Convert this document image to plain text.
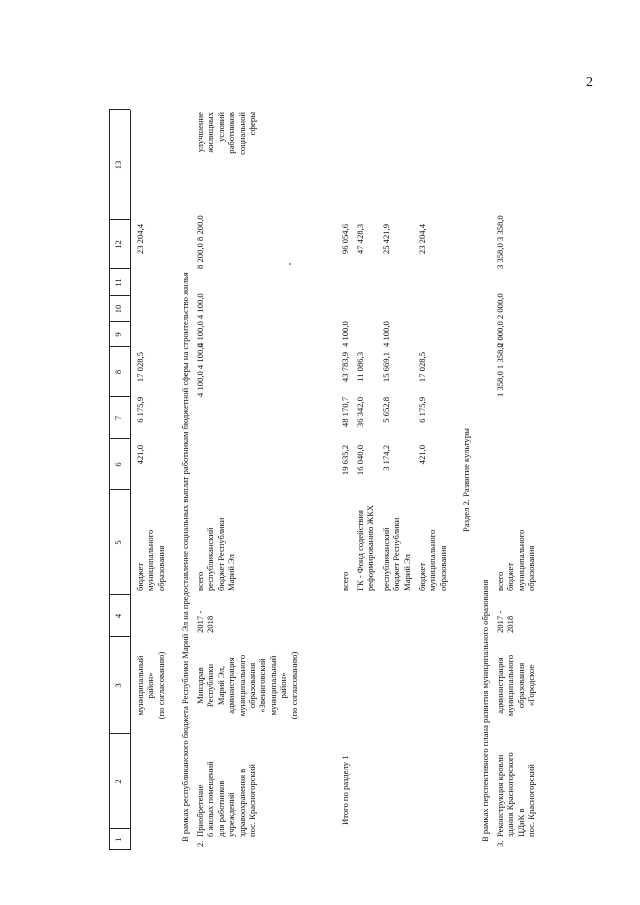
2
1
2
3
4
5
6
7
8
9
10
11
12
13
муниципальный
район»
(по согласованию)
бюджет
муниципального
образования
421,0
6 175,9
17 028,5
23 204,4
В рамках республиканского бюджета Республики Марий Эл на предоставление социальных выплат работникам бюджетной сферы на строительство жилья
2.
Приобретение
6 жилых помещений
для работников
учреждений
здравоохранения в
пос. Красногорский
Минздрав
Республики
Марий Эл,
администрация
муниципального
образования
«Звениговский
муниципальный
район»
(по согласованию)
2017 -
2018
всего
республиканский
бюджет Республики
Марий Эл
4 100,0 4 100,0
4 100,0 4 100,0
8 200,0 8 200,0
улучшение
жилищных
условий
работников
социальной
сферы
Итого по разделу 1
всего ГК - Фонд содействия
реформированию ЖКХ
республиканский
бюджет Республики
Марий Эл
бюджет
муниципального
образования
19 635,2
48 170,7
43 783,9
4 100,0
96 054,6
16 040,0
36 342,0
11 086,3
47 428,3
3 174,2
5 652,8
15 669,1
4 100,0
25 421,9
421,0
6 175,9
17 028,5
23 204,4
Раздел 2. Развитие культуры
В рамках перспективного плана развития муниципального образования
3.
Реконструкция кровли
здания Красногорского
ЦДиК в
пос. Красногорский
администрация
муниципального
образования
«Городское
2017 -
2018
всего
бюджет
муниципального
образования
1 358,0 1 358,0
2 000,0 2 000,0
3 358,0 3 358,0
